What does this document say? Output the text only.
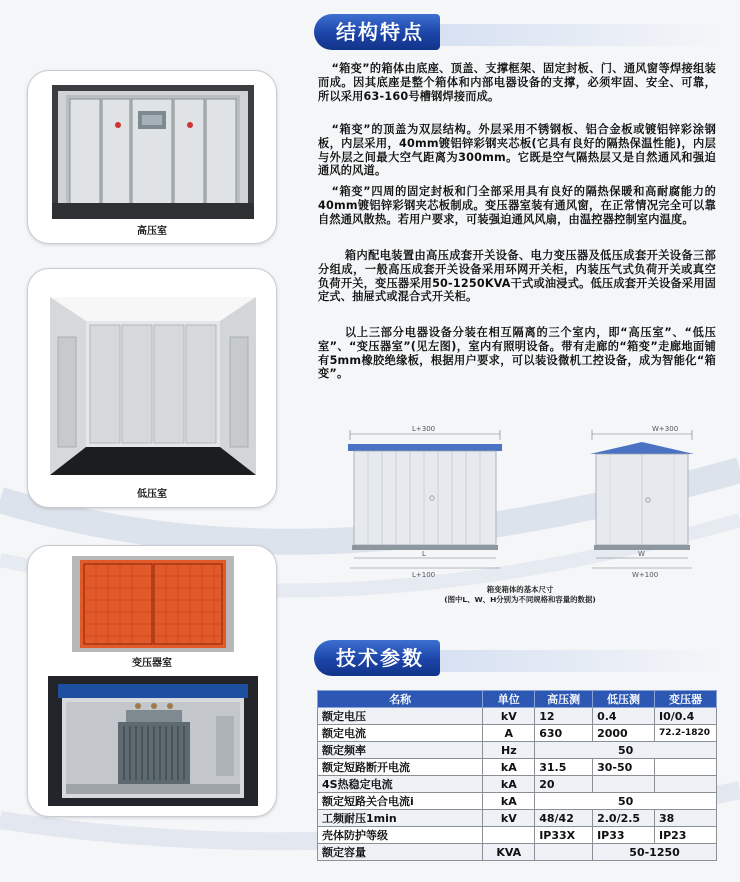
高压室
低压室
变压器室
结构特点

“箱变”的箱体由底座、顶盖、支撑框架、固定封板、门、通风窗等焊接组装而成。因其底座是整个箱体和内部电器设备的支撑，必须牢固、安全、可靠，所以采用63-160号槽钢焊接而成。

“箱变”的顶盖为双层结构。外层采用不锈钢板、铝合金板或镀铝锌彩涂钢板，内层采用，40mm镀铝锌彩钢夹芯板(它具有良好的隔热保温性能)，内层与外层之间最大空气距离为300mm。它既是空气隔热层又是自然通风和强迫通风的风道。

“箱变”四周的固定封板和门全部采用具有良好的隔热保暖和高耐腐能力的40mm镀铝锌彩钢夹芯板制成。变压器室装有通风窗，在正常情况完全可以靠自然通风散热。若用户要求，可装强迫通风风扇，由温控器控制室内温度。

箱内配电装置由高压成套开关设备、电力变压器及低压成套开关设备三部分组成，一般高压成套开关设备采用环网开关柜，内装压气式负荷开关或真空负荷开关，变压器采用50-1250KVA干式或油浸式。低压成套开关设备采用固定式、抽屉式或混合式开关柜。

以上三部分电器设备分装在相互隔离的三个室内，即“高压室”、“低压室”、“变压器室”(见左图)，室内有照明设备。带有走廊的“箱变”走廊地面铺有5mm橡胶绝缘板，根据用户要求，可以装设微机工控设备，成为智能化“箱变”。

L+300
L
L+100
W+300
W
W+100
箱变箱体的基本尺寸
(图中L、W、H分别为不同规格和容量的数据)
技术参数
名称	单位	高压测	低压测	变压器
额定电压	kV	12	0.4	I0/0.4
额定电流	A	630	2000	72.2-1820
额定频率	Hz	50		
额定短路断开电流	kA	31.5	30-50	
4S热稳定电流	kA	20		
额定短路关合电流i	kA	50		
工频耐压1min	kV	48/42	2.0/2.5	38
壳体防护等级		IP33X	IP33	IP23
额定容量	KVA		50-1250	
